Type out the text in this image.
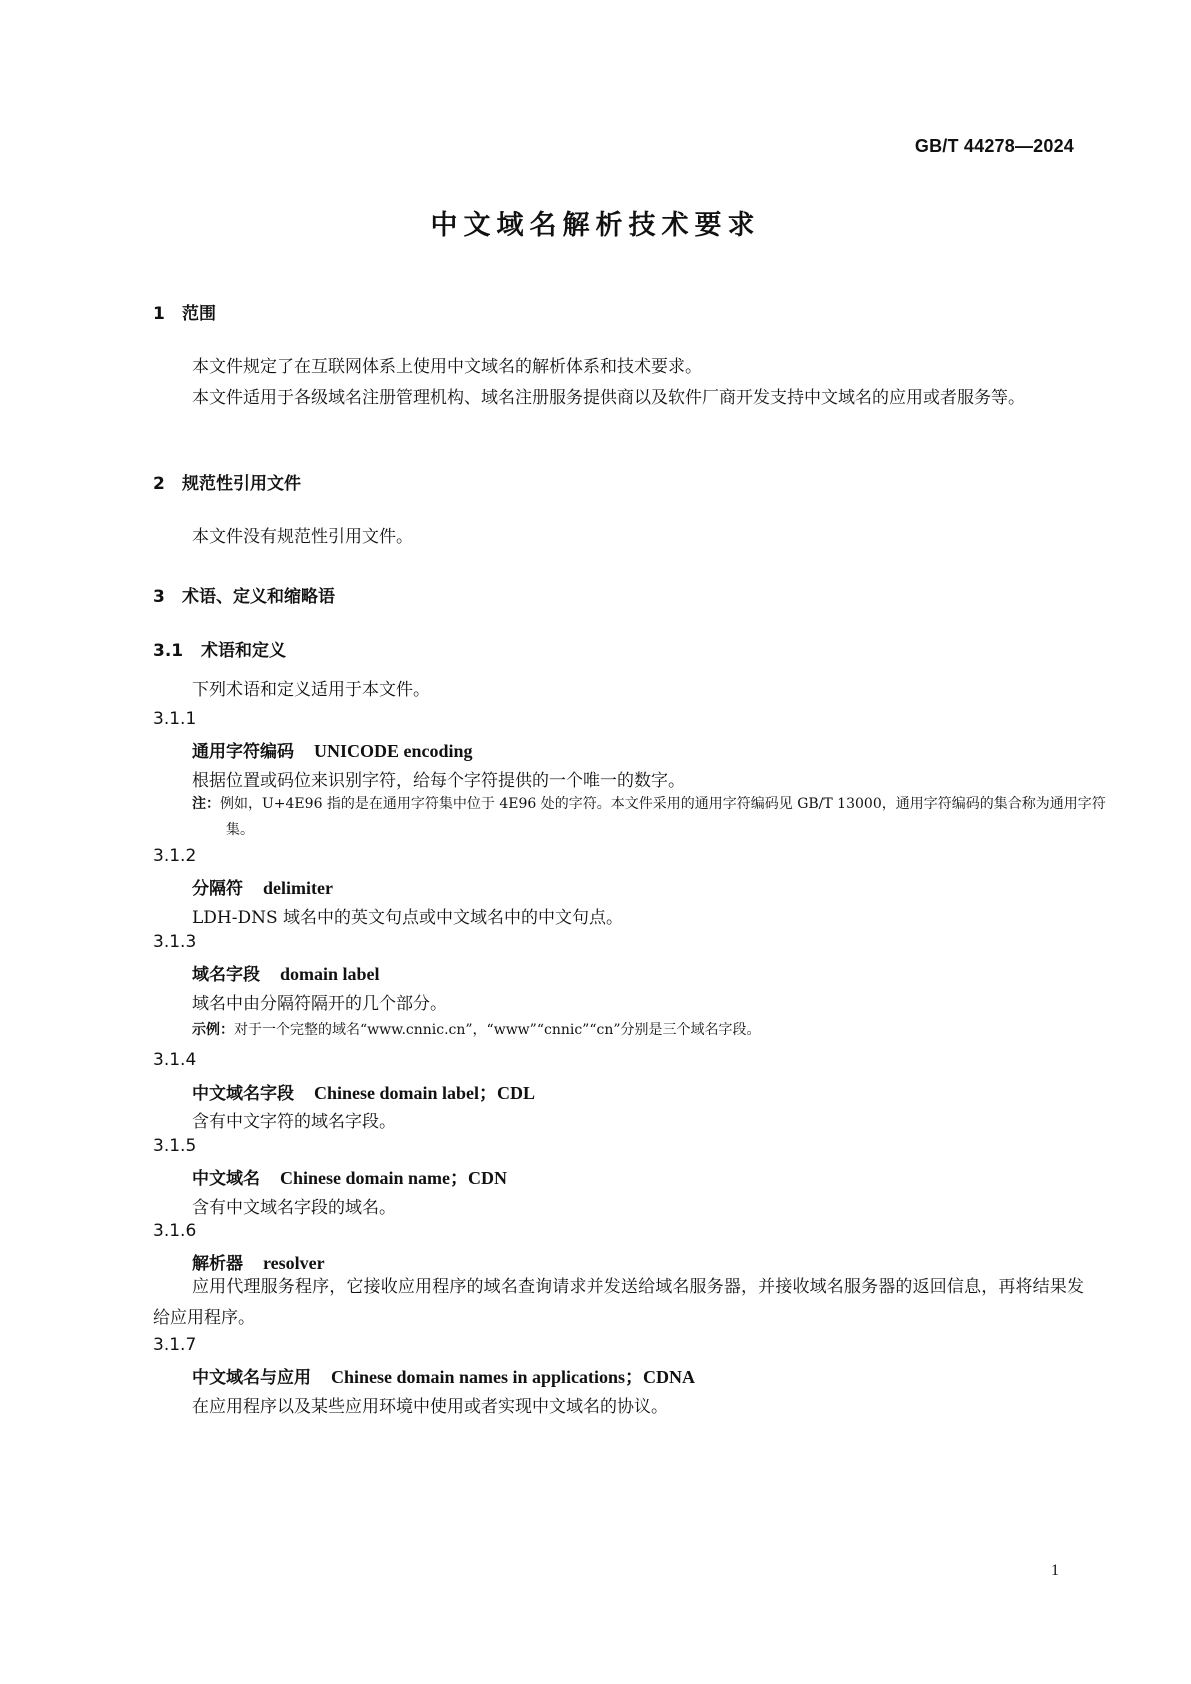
GB/T 44278—2024
中文域名解析技术要求
1 范围

本文件规定了在互联网体系上使用中文域名的解析体系和技术要求。

本文件适用于各级域名注册管理机构、域名注册服务提供商以及软件厂商开发支持中文域名的应用或者服务等。

2 规范性引用文件

本文件没有规范性引用文件。

3 术语、定义和缩略语
3.1 术语和定义

下列术语和定义适用于本文件。

3.1.1
通用字符编码 UNICODE encoding
根据位置或码位来识别字符，给每个字符提供的一个唯一的数字。

注：例如，U+4E96 指的是在通用字符集中位于 4E96 处的字符。本文件采用的通用字符编码见 GB/T 13000，通用字符编码的集合称为通用字符集。

3.1.2
分隔符 delimiter
LDH-DNS 域名中的英文句点或中文域名中的中文句点。
3.1.3
域名字段 domain label
域名中由分隔符隔开的几个部分。
示例：对于一个完整的域名“www.cnnic.cn”，“www”“cnnic”“cn”分别是三个域名字段。
3.1.4
中文域名字段 Chinese domain label；CDL
含有中文字符的域名字段。
3.1.5
中文域名 Chinese domain name；CDN
含有中文域名字段的域名。
3.1.6
解析器 resolver

应用代理服务程序，它接收应用程序的域名查询请求并发送给域名服务器，并接收域名服务器的返回信息，再将结果发给应用程序。

3.1.7
中文域名与应用 Chinese domain names in applications；CDNA
在应用程序以及某些应用环境中使用或者实现中文域名的协议。
1
